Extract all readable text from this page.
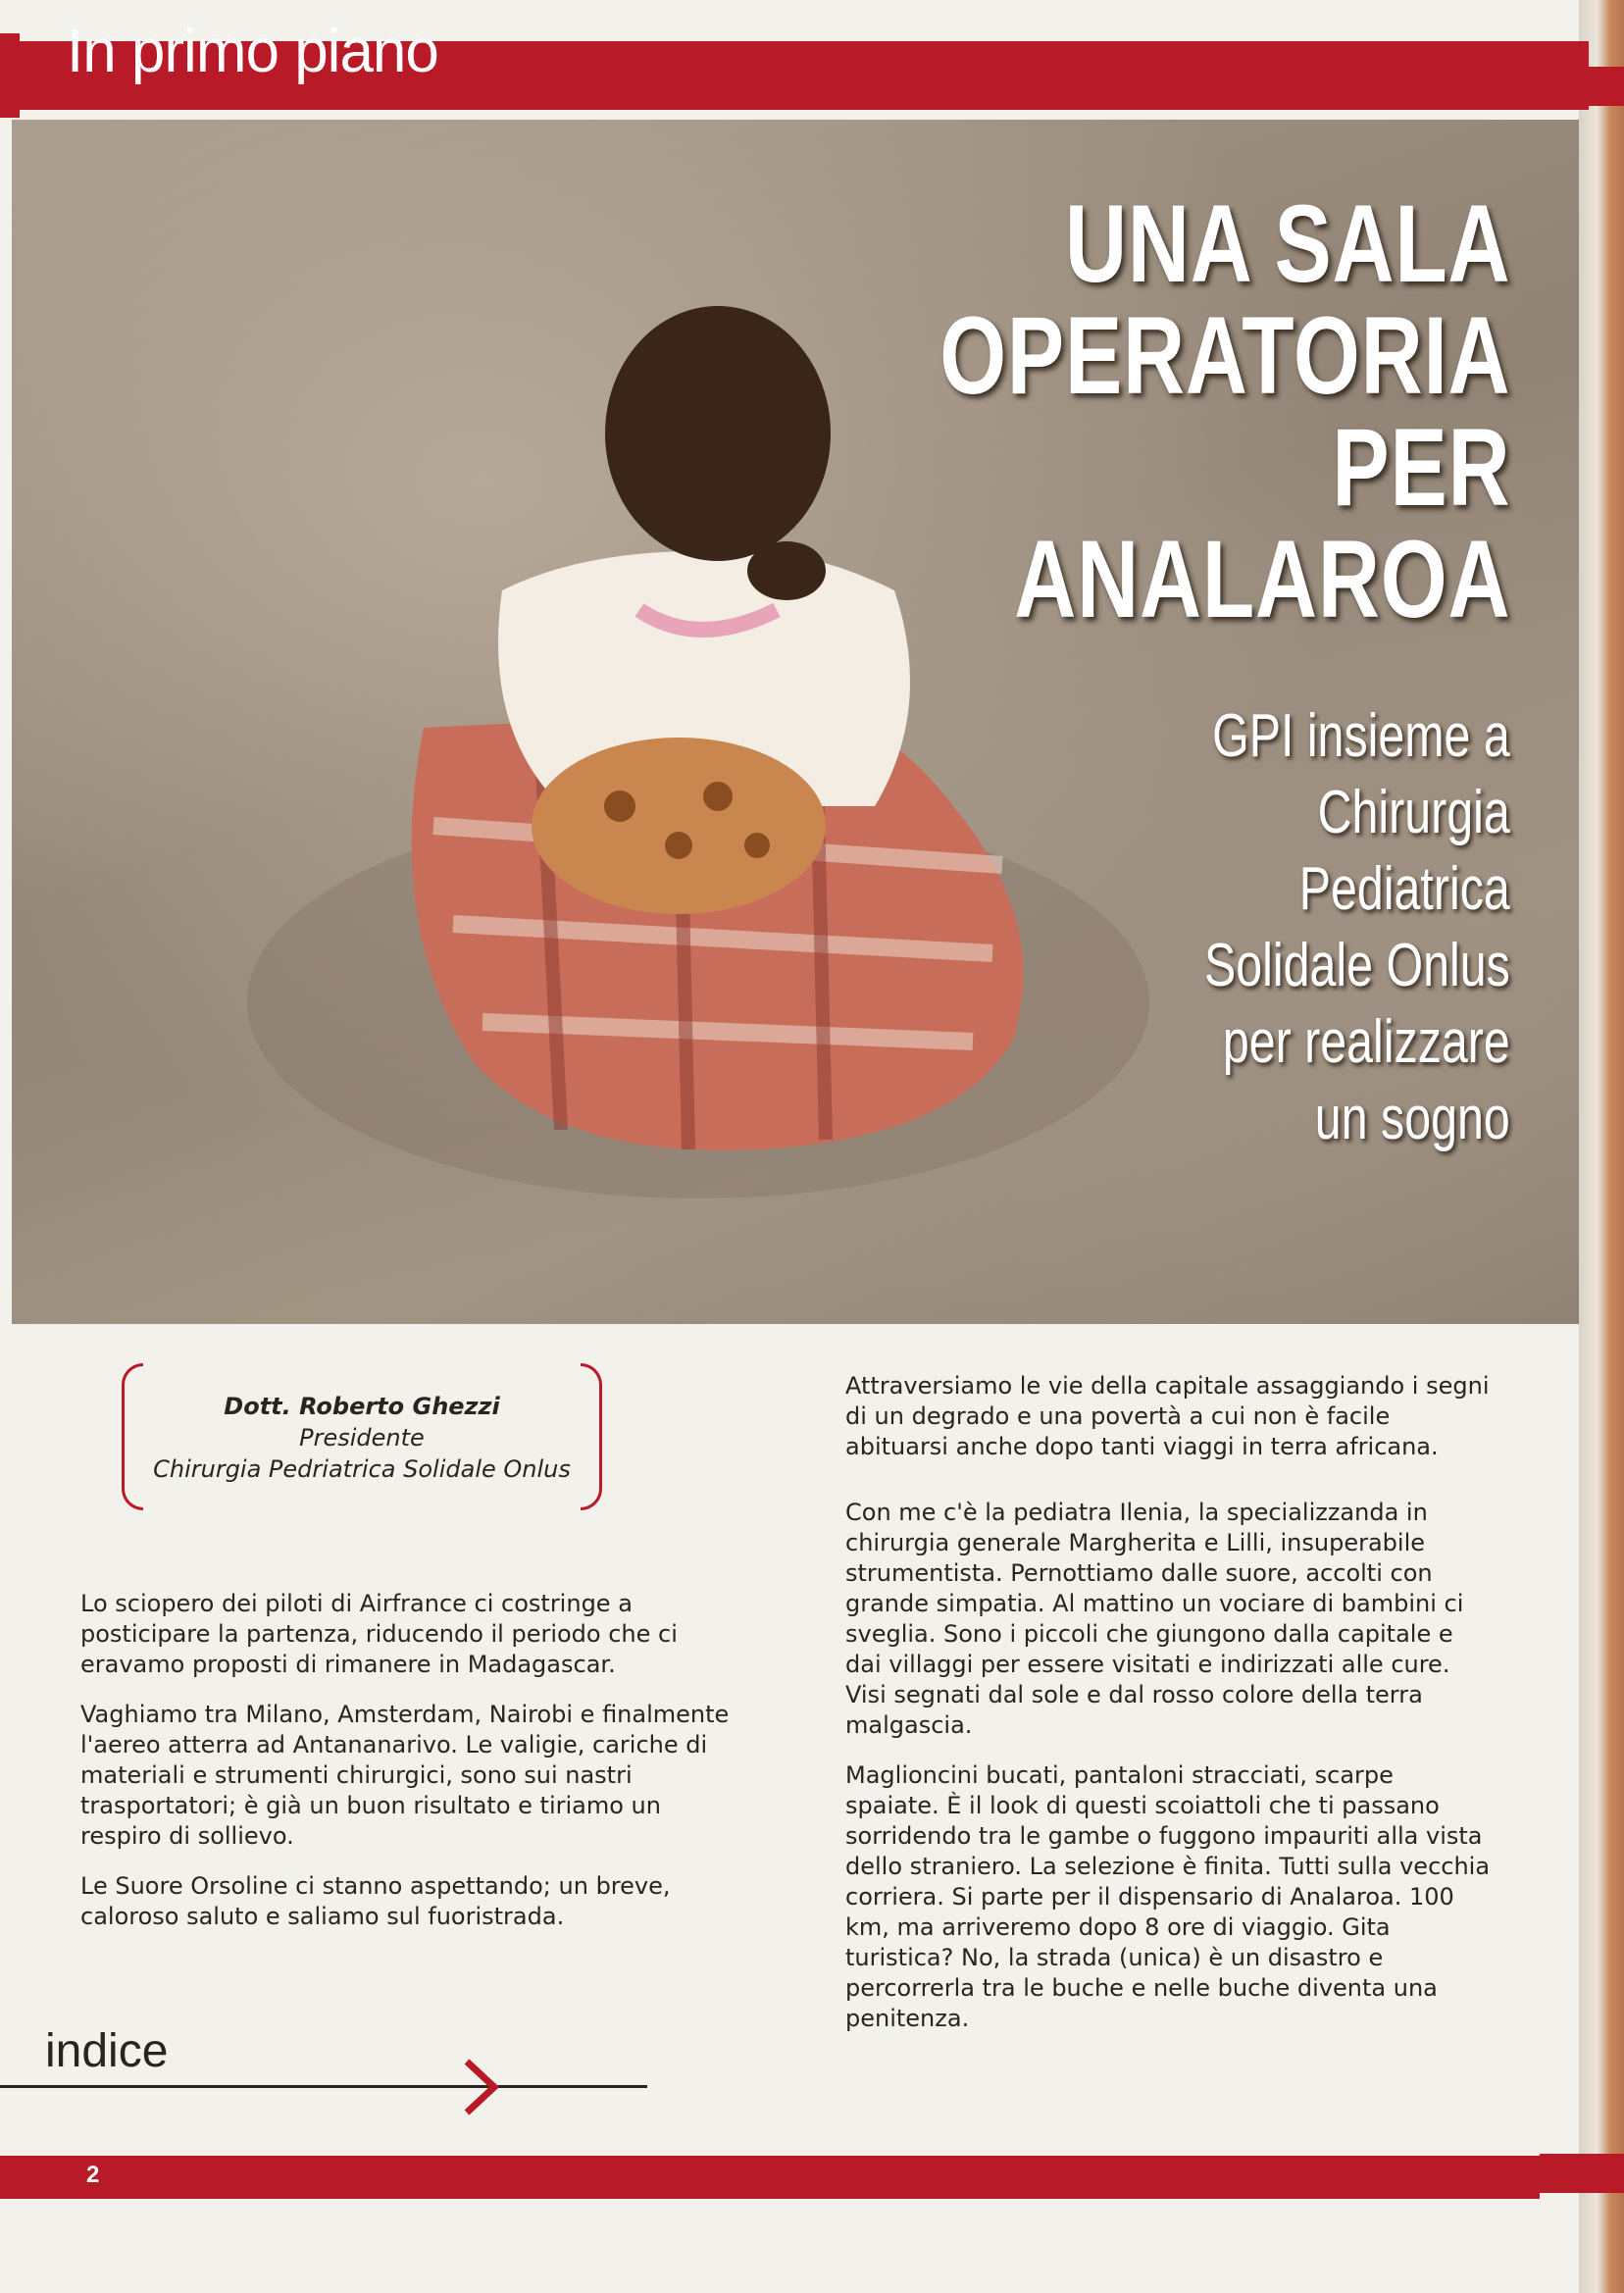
In primo piano
UNA SALA
OPERATORIA
PER
ANALAROA
GPI insieme a
Chirurgia
Pediatrica
Solidale Onlus
per realizzare
un sogno
Dott. Roberto Ghezzi
Presidente
Chirurgia Pedriatrica Solidale Onlus

Lo sciopero dei piloti di Airfrance ci costringe a posticipare la partenza, riducendo il periodo che ci eravamo proposti di rimanere in Madagascar.

Vaghiamo tra Milano, Amsterdam, Nairobi e finalmente l'aereo atterra ad Antananarivo. Le valigie, cariche di materiali e strumenti chirurgici, sono sui nastri trasportatori; è già un buon risultato e tiriamo un respiro di sollievo.

Le Suore Orsoline ci stanno aspettando; un breve, caloroso saluto e saliamo sul fuoristrada.

Attraversiamo le vie della capitale assaggiando i segni di un degrado e una povertà a cui non è facile abituarsi anche dopo tanti viaggi in terra africana.

Con me c'è la pediatra Ilenia, la specializzanda in chirurgia generale Margherita e Lilli, insuperabile strumentista. Pernottiamo dalle suore, accolti con grande simpatia. Al mattino un vociare di bambini ci sveglia. Sono i piccoli che giungono dalla capitale e dai villaggi per essere visitati e indirizzati alle cure. Visi segnati dal sole e dal rosso colore della terra malgascia.

Maglioncini bucati, pantaloni stracciati, scarpe spaiate. È il look di questi scoiattoli che ti passano sorridendo tra le gambe o fuggono impauriti alla vista dello straniero. La selezione è finita. Tutti sulla vecchia corriera. Si parte per il dispensario di Analaroa. 100 km, ma arriveremo dopo 8 ore di viaggio. Gita turistica? No, la strada (unica) è un disastro e percorrerla tra le buche e nelle buche diventa una penitenza.

indice
2
